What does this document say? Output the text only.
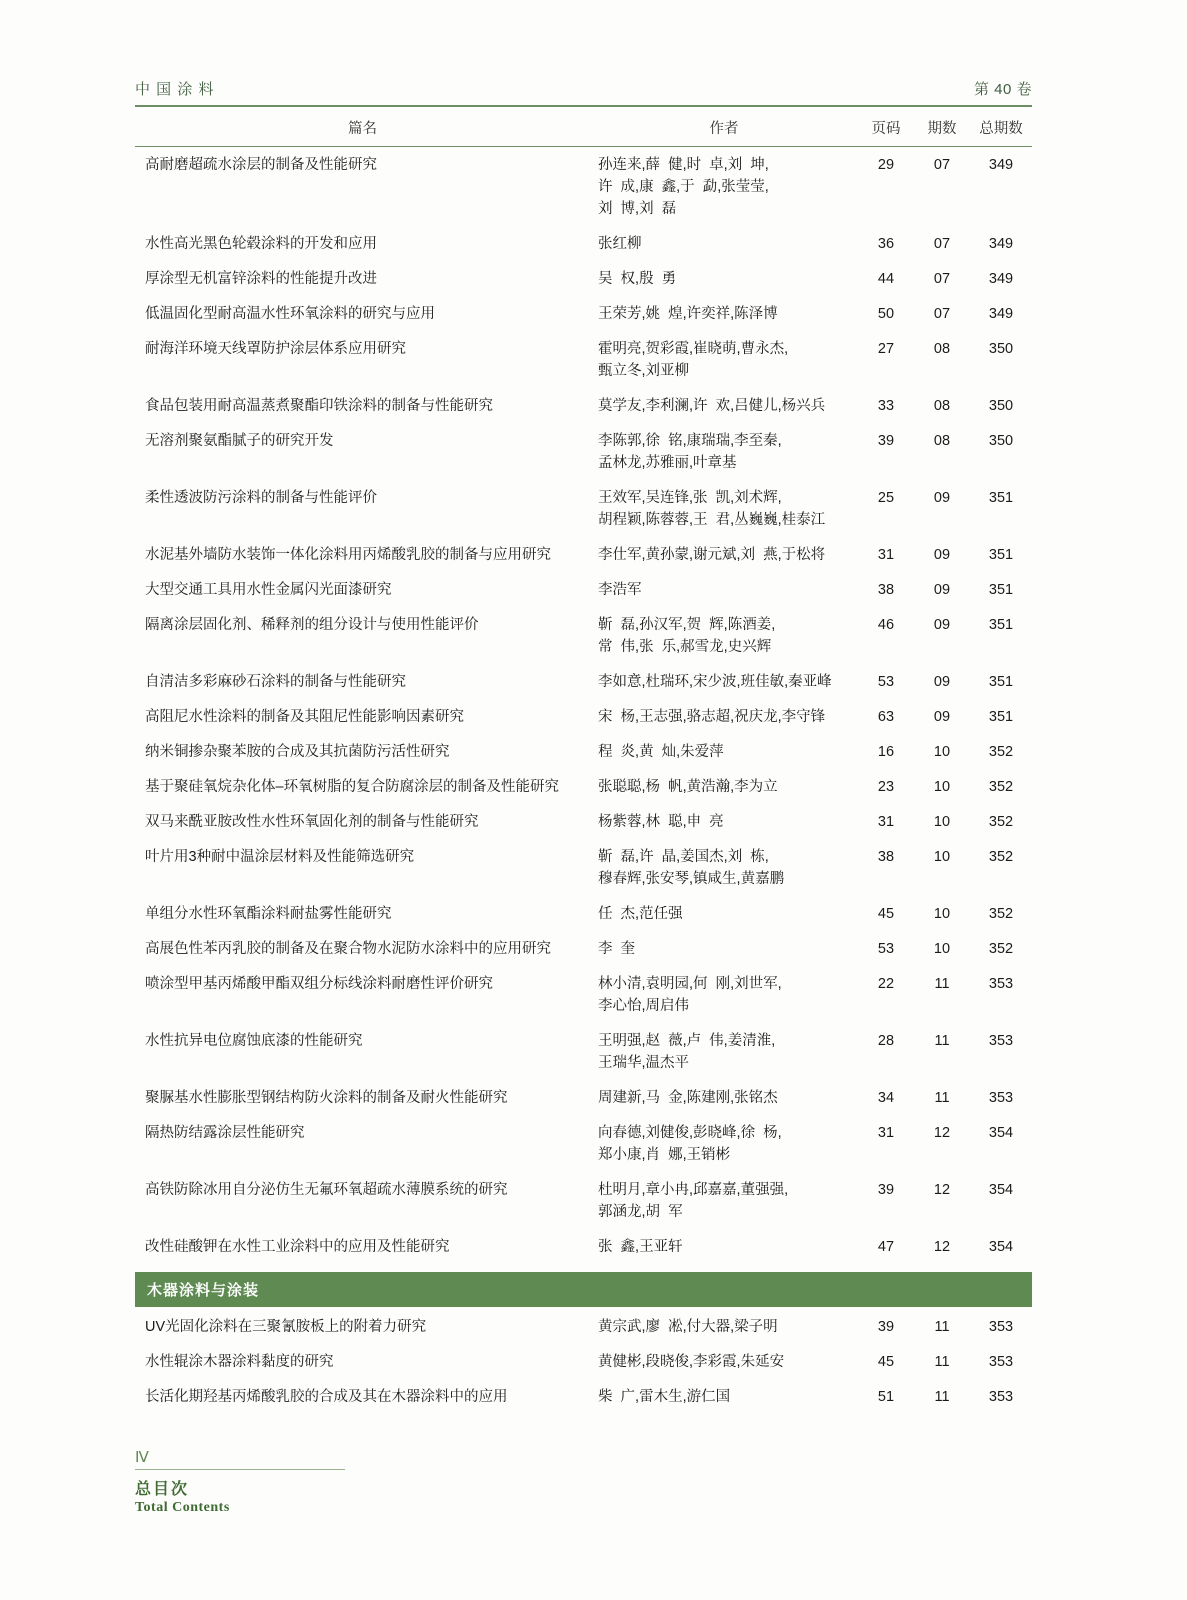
中 国 涂 料	第 40 卷
篇名	作者	页码	期数	总期数
高耐磨超疏水涂层的制备及性能研究	孙连来,薛  健,时  卓,刘  坤,
许  成,康  鑫,于  勐,张莹莹,
刘  博,刘  磊
29	07	349
水性高光黑色轮毂涂料的开发和应用	张红柳	36	07	349
厚涂型无机富锌涂料的性能提升改进	吴  权,殷  勇	44	07	349
低温固化型耐高温水性环氧涂料的研究与应用	王荣芳,姚  煌,许奕祥,陈泽博	50	07	349
耐海洋环境天线罩防护涂层体系应用研究	霍明亮,贺彩霞,崔晓萌,曹永杰,
甄立冬,刘亚柳
27	08	350
食品包装用耐高温蒸煮聚酯印铁涂料的制备与性能研究	莫学友,李利澜,许  欢,吕健儿,杨兴兵	33	08	350
无溶剂聚氨酯腻子的研究开发	李陈郭,徐  铭,康瑞瑞,李至秦,
孟林龙,苏雅丽,叶章基
39	08	350
柔性透波防污涂料的制备与性能评价	王效军,吴连锋,张  凯,刘术辉,
胡程颖,陈蓉蓉,王  君,丛巍巍,桂泰江
25	09	351
水泥基外墙防水装饰一体化涂料用丙烯酸乳胶的制备与应用研究	李仕军,黄孙蒙,谢元斌,刘  燕,于松将	31	09	351
大型交通工具用水性金属闪光面漆研究	李浩军	38	09	351
隔离涂层固化剂、稀释剂的组分设计与使用性能评价	靳  磊,孙汉军,贺  辉,陈酒姜,
常  伟,张  乐,郝雪龙,史兴辉
46	09	351
自清洁多彩麻砂石涂料的制备与性能研究	李如意,杜瑞环,宋少波,班佳敏,秦亚峰	53	09	351
高阻尼水性涂料的制备及其阻尼性能影响因素研究	宋  杨,王志强,骆志超,祝庆龙,李守锋	63	09	351
纳米铜掺杂聚苯胺的合成及其抗菌防污活性研究	程  炎,黄  灿,朱爱萍	16	10	352
基于聚硅氧烷杂化体–环氧树脂的复合防腐涂层的制备及性能研究	张聪聪,杨  帆,黄浩瀚,李为立	23	10	352
双马来酰亚胺改性水性环氧固化剂的制备与性能研究	杨紫蓉,林  聪,申  亮	31	10	352
叶片用3种耐中温涂层材料及性能筛选研究	靳  磊,许  晶,姜国杰,刘  栋,
穆春辉,张安琴,镇咸生,黄嘉鹏
38	10	352
单组分水性环氧酯涂料耐盐雾性能研究	任  杰,范任强	45	10	352
高展色性苯丙乳胶的制备及在聚合物水泥防水涂料中的应用研究	李  奎	53	10	352
喷涂型甲基丙烯酸甲酯双组分标线涂料耐磨性评价研究	林小清,袁明园,何  刚,刘世军,
李心怡,周启伟
22	11	353
水性抗异电位腐蚀底漆的性能研究	王明强,赵  薇,卢  伟,姜清淮,
王瑞华,温杰平
28	11	353
聚脲基水性膨胀型钢结构防火涂料的制备及耐火性能研究	周建新,马  金,陈建刚,张铭杰	34	11	353
隔热防结露涂层性能研究	向春德,刘健俊,彭晓峰,徐  杨,
郑小康,肖  娜,王销彬
31	12	354
高铁防除冰用自分泌仿生无氟环氧超疏水薄膜系统的研究	杜明月,章小冉,邱嘉嘉,董强强,
郭涵龙,胡  军
39	12	354
改性硅酸钾在水性工业涂料中的应用及性能研究	张  鑫,王亚轩	47	12	354
木器涂料与涂装
UV光固化涂料在三聚氰胺板上的附着力研究	黄宗武,廖  凇,付大器,梁子明	39	11	353
水性辊涂木器涂料黏度的研究	黄健彬,段晓俊,李彩霞,朱延安	45	11	353
长活化期羟基丙烯酸乳胶的合成及其在木器涂料中的应用	柴  广,雷木生,游仁国	51	11	353
Ⅳ
总目次
Total Contents
